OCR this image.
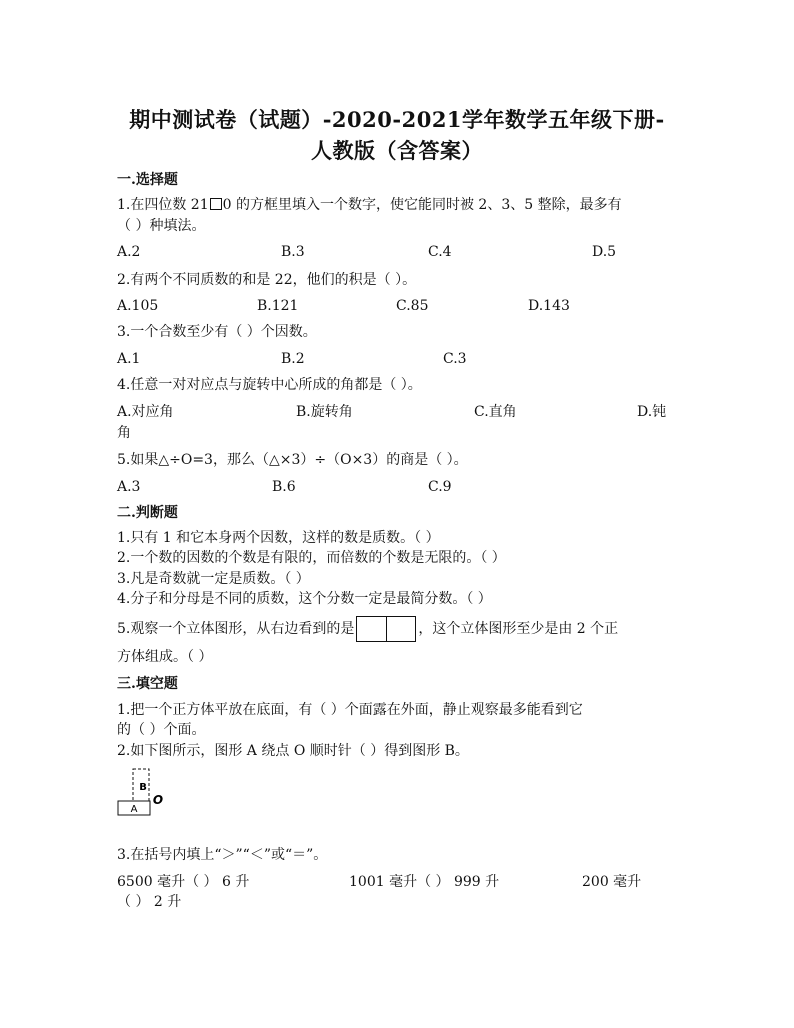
期中测试卷（试题）-2020-2021学年数学五年级下册-
人教版（含答案）
一.选择题
1.在四位数 21 0 的方框里填入一个数字，使它能同时被 2、3、5 整除，最多有
（ ）种填法。
A.2	B.3	C.4	D.5
2.有两个不同质数的和是 22，他们的积是（ ）。
A.105	B.121	C.85	D.143
3.一个合数至少有（ ）个因数。
A.1	B.2	C.3
4.任意一对对应点与旋转中心所成的角都是（ ）。
A.对应角	B.旋转角	C.直角	D.钝
角
5.如果△÷O=3，那么（△×3）÷（O×3）的商是（ ）。
A.3	B.6	C.9
二.判断题
1.只有 1 和它本身两个因数，这样的数是质数。（ ）
2.一个数的因数的个数是有限的，而倍数的个数是无限的。（ ）
3.凡是奇数就一定是质数。（ ）
4.分子和分母是不同的质数，这个分数一定是最简分数。（ ）
5.观察一个立体图形，从右边看到的是	，这个立体图形至少是由 2 个正
方体组成。（ ）
三.填空题
1.把一个正方体平放在底面，有（ ）个面露在外面，静止观察最多能看到它
的（ ）个面。
2.如下图所示，图形 A 绕点 O 顺时针（ ）得到图形 B。
A
B
O
3.在括号内填上“＞”“＜”或“＝”。
6500 毫升（ ） 6 升	1001 毫升（ ） 999 升	200 毫升
（ ） 2 升
